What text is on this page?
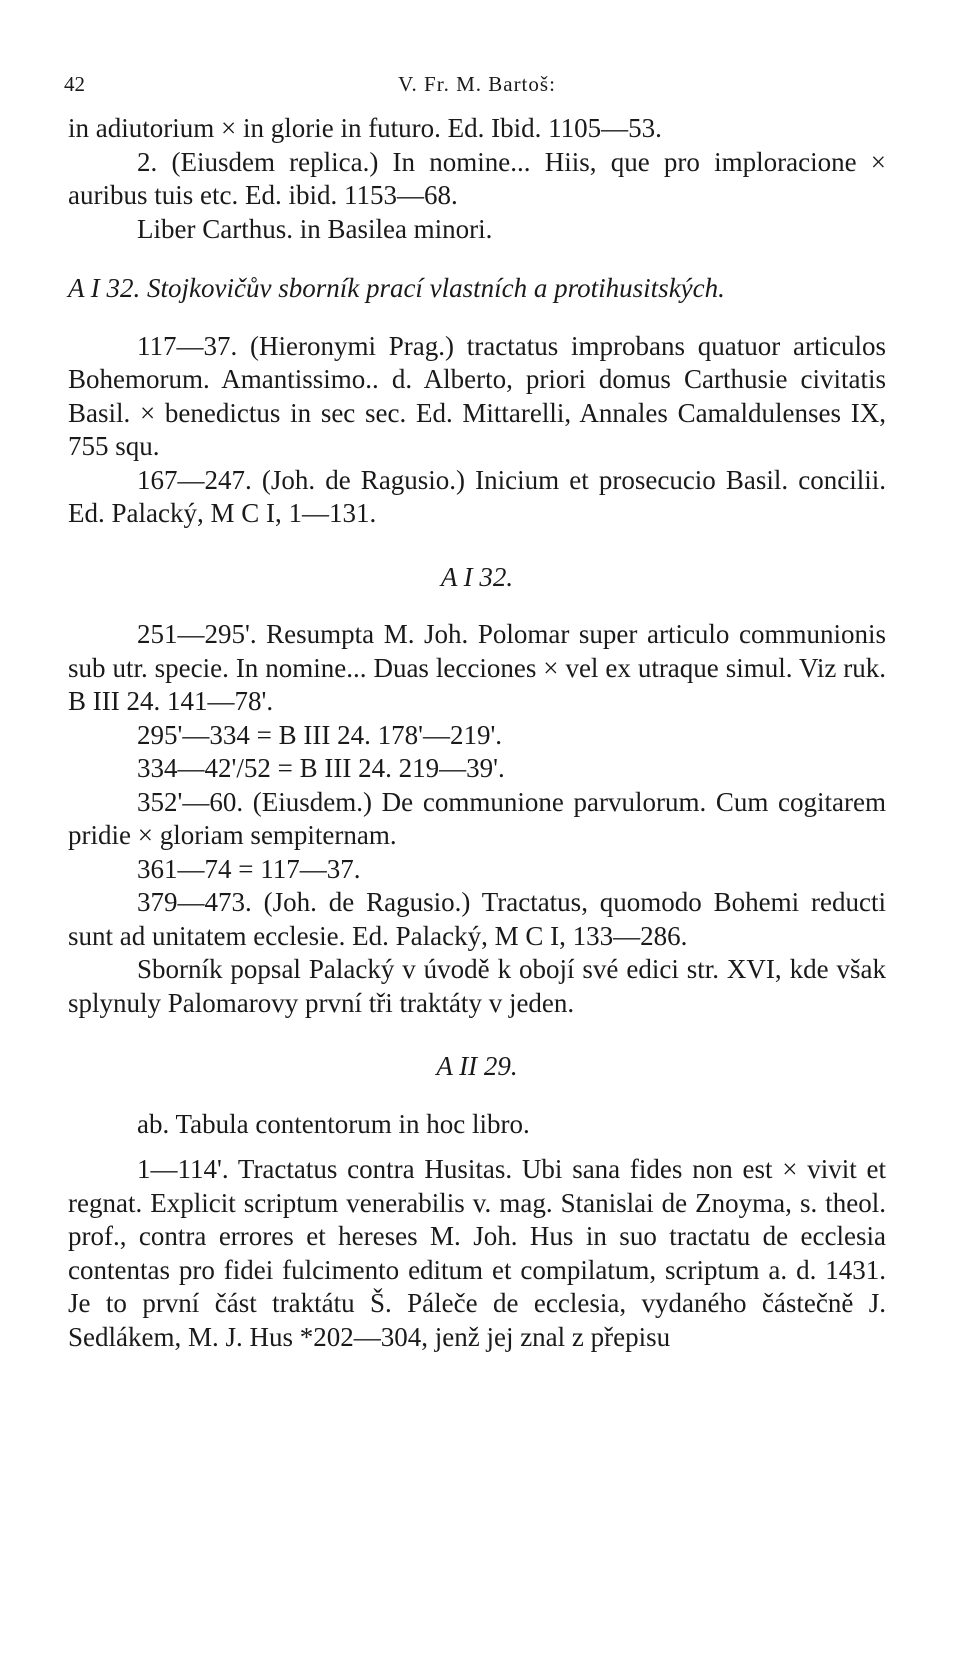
42	V. Fr. M. Bartoš:

in adiutorium × in glorie in futuro. Ed. Ibid. 1105—53.

2. (Eiusdem replica.) In nomine... Hiis, que pro imploracione × auribus tuis etc. Ed. ibid. 1153—68.

Liber Carthus. in Basilea minori.

A I 32. Stojkovičův sborník prací vlastních a protihusitských.

117—37. (Hieronymi Prag.) tractatus improbans quatuor articulos Bohemorum. Amantissimo.. d. Alberto, priori domus Carthusie civitatis Basil. × benedictus in sec sec. Ed. Mittarelli, Annales Camaldulenses IX, 755 squ.

167—247. (Joh. de Ragusio.) Inicium et prosecucio Basil. concilii. Ed. Palacký, M C I, 1—131.

A I 32.

251—295'. Resumpta M. Joh. Polomar super articulo communionis sub utr. specie. In nomine... Duas lecciones × vel ex utraque simul. Viz ruk. B III 24. 141—78'.

295'—334 = B III 24. 178'—219'.

334—42'/52 = B III 24. 219—39'.

352'—60. (Eiusdem.) De communione parvulorum. Cum cogitarem pridie × gloriam sempiternam.

361—74 = 117—37.

379—473. (Joh. de Ragusio.) Tractatus, quomodo Bohemi reducti sunt ad unitatem ecclesie. Ed. Palacký, M C I, 133—286.

Sborník popsal Palacký v úvodě k obojí své edici str. XVI, kde však splynuly Palomarovy první tři traktáty v jeden.

A II 29.

ab. Tabula contentorum in hoc libro.

1—114'. Tractatus contra Husitas. Ubi sana fides non est × vivit et regnat. Explicit scriptum venerabilis v. mag. Stanislai de Znoyma, s. theol. prof., contra errores et hereses M. Joh. Hus in suo tractatu de ecclesia contentas pro fidei fulcimento editum et compilatum, scriptum a. d. 1431. Je to první část traktátu Š. Páleče de ecclesia, vydaného částečně J. Sedlákem, M. J. Hus *202—304, jenž jej znal z přepisu
